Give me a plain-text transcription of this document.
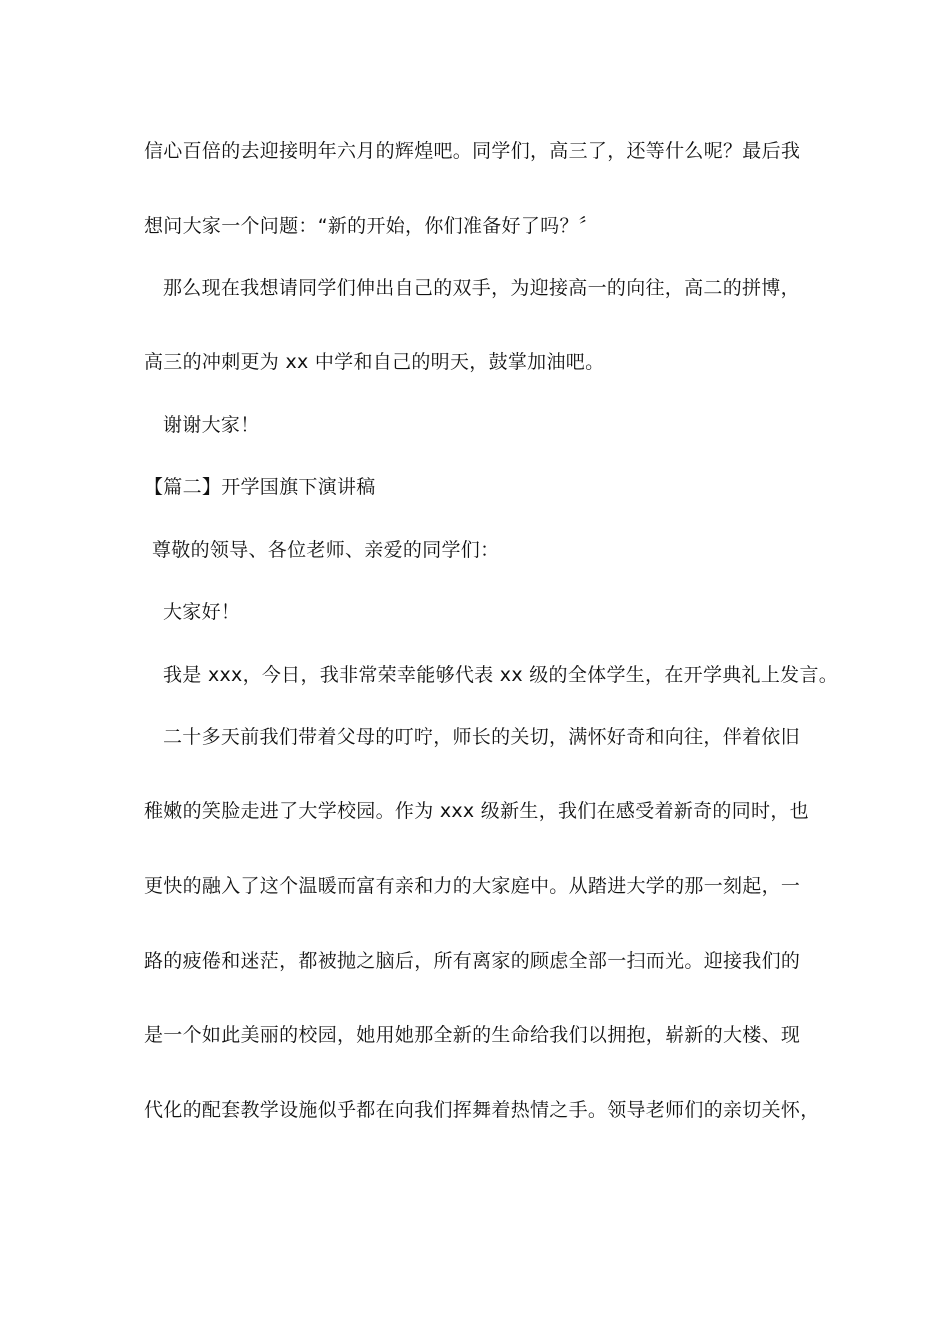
信心百倍的去迎接明年六月的辉煌吧。同学们，高三了，还等什么呢？最后我
想问大家一个问题：“新的开始，你们准备好了吗？〞
那么现在我想请同学们伸出自己的双手，为迎接高一的向往，高二的拼博，
高三的冲刺更为 xx 中学和自己的明天，鼓掌加油吧。
谢谢大家！
【篇二】开学国旗下演讲稿
尊敬的领导、各位老师、亲爱的同学们：
大家好！
我是 xxx，今日，我非常荣幸能够代表 xx 级的全体学生，在开学典礼上发言。
二十多天前我们带着父母的叮咛，师长的关切，满怀好奇和向往，伴着依旧
稚嫩的笑脸走进了大学校园。作为 xxx 级新生，我们在感受着新奇的同时，也
更快的融入了这个温暖而富有亲和力的大家庭中。从踏进大学的那一刻起，一
路的疲倦和迷茫，都被抛之脑后，所有离家的顾虑全部一扫而光。迎接我们的
是一个如此美丽的校园，她用她那全新的生命给我们以拥抱，崭新的大楼、现
代化的配套教学设施似乎都在向我们挥舞着热情之手。领导老师们的亲切关怀，
